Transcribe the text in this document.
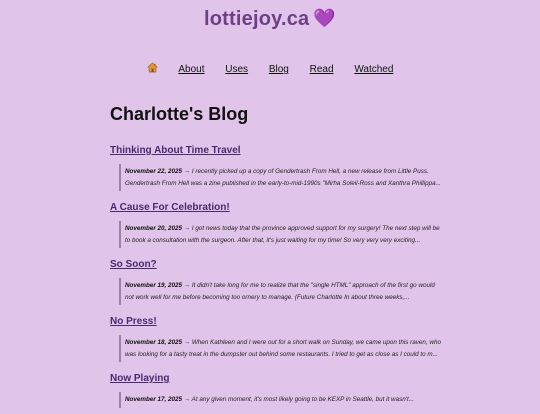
lottiejoy.ca 💜
About Uses Blog Read Watched
Charlotte's Blog
Thinking About Time Travel
November 22, 2025 → I recently picked up a copy of Gendertrash From Hell, a new release from Little Puss. Gendertrash From Hell was a zine published in the early-to-mid-1990s "Mirha Soleil-Ross and Xanthra Phillippa...
A Cause For Celebration!
November 20, 2025 → I got news today that the province approved support for my surgery! The next step will be to book a consultation with the surgeon. After that, it's just waiting for my time! So very very very exciting...
So Soon?
November 19, 2025 → It didn't take long for me to realize that the "single HTML" approach of the first go would not work well for me before becoming too ornery to manage. (Future Charlotte In about three weeks,...
No Press!
November 18, 2025 → When Kathleen and I were out for a short walk on Sunday, we came upon this raven, who was looking for a tasty treat in the dumpster out behind some restaurants. I tried to get as close as I could to m...
Now Playing
November 17, 2025 → At any given moment, it's most likely going to be KEXP in Seattle, but it wasn't...
